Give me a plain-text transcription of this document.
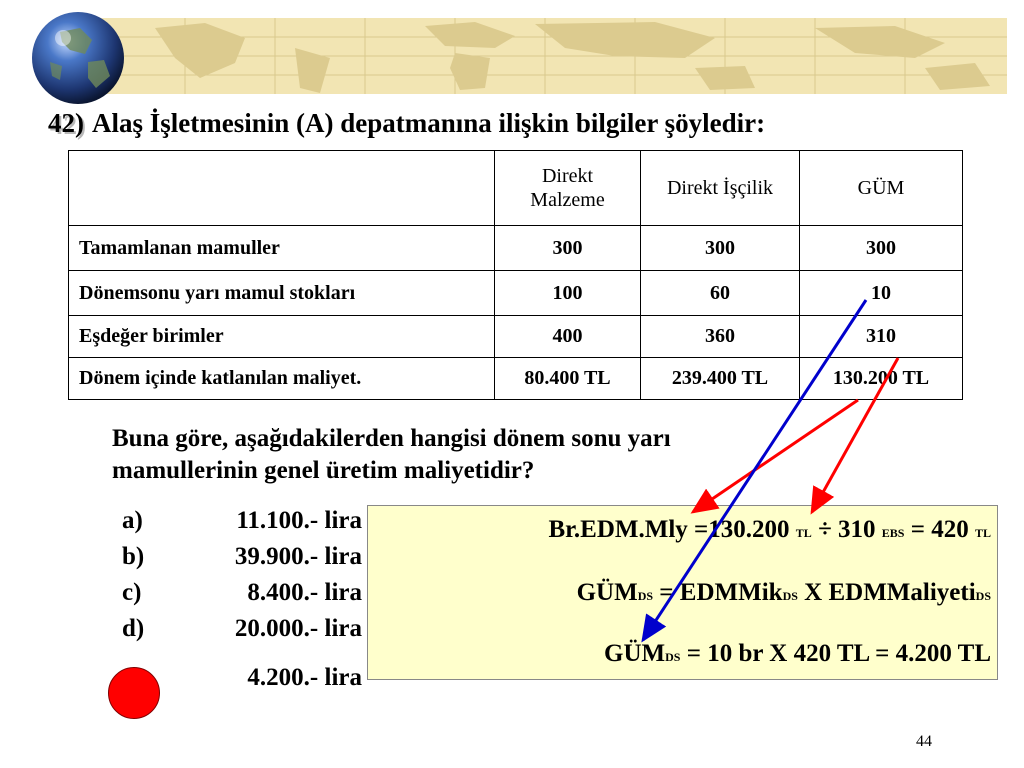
42) Alaş İşletmesinin (A) depatmanına ilişkin bilgiler şöyledir:
	Direkt Malzeme	Direkt İşçilik	GÜM
Tamamlanan mamuller	300	300	300
Dönemsonu yarı mamul stokları	100	60	10
Eşdeğer birimler	400	360	310
Dönem içinde katlanılan maliyet.	80.400 TL	239.400 TL	130.200 TL
Buna göre, aşağıdakilerden hangisi dönem sonu yarı
mamullerinin genel üretim maliyetidir?
a)	11.100.- lira
b)	39.900.- lira
c)	8.400.- lira
d)	20.000.- lira
4.200.- lira
Br.EDM.Mly =130.200 TL ÷ 310 EBS = 420 TL
GÜMDS = EDMMikDS X EDMMaliyetiDS
GÜMDS = 10 br X 420 TL = 4.200 TL
44
